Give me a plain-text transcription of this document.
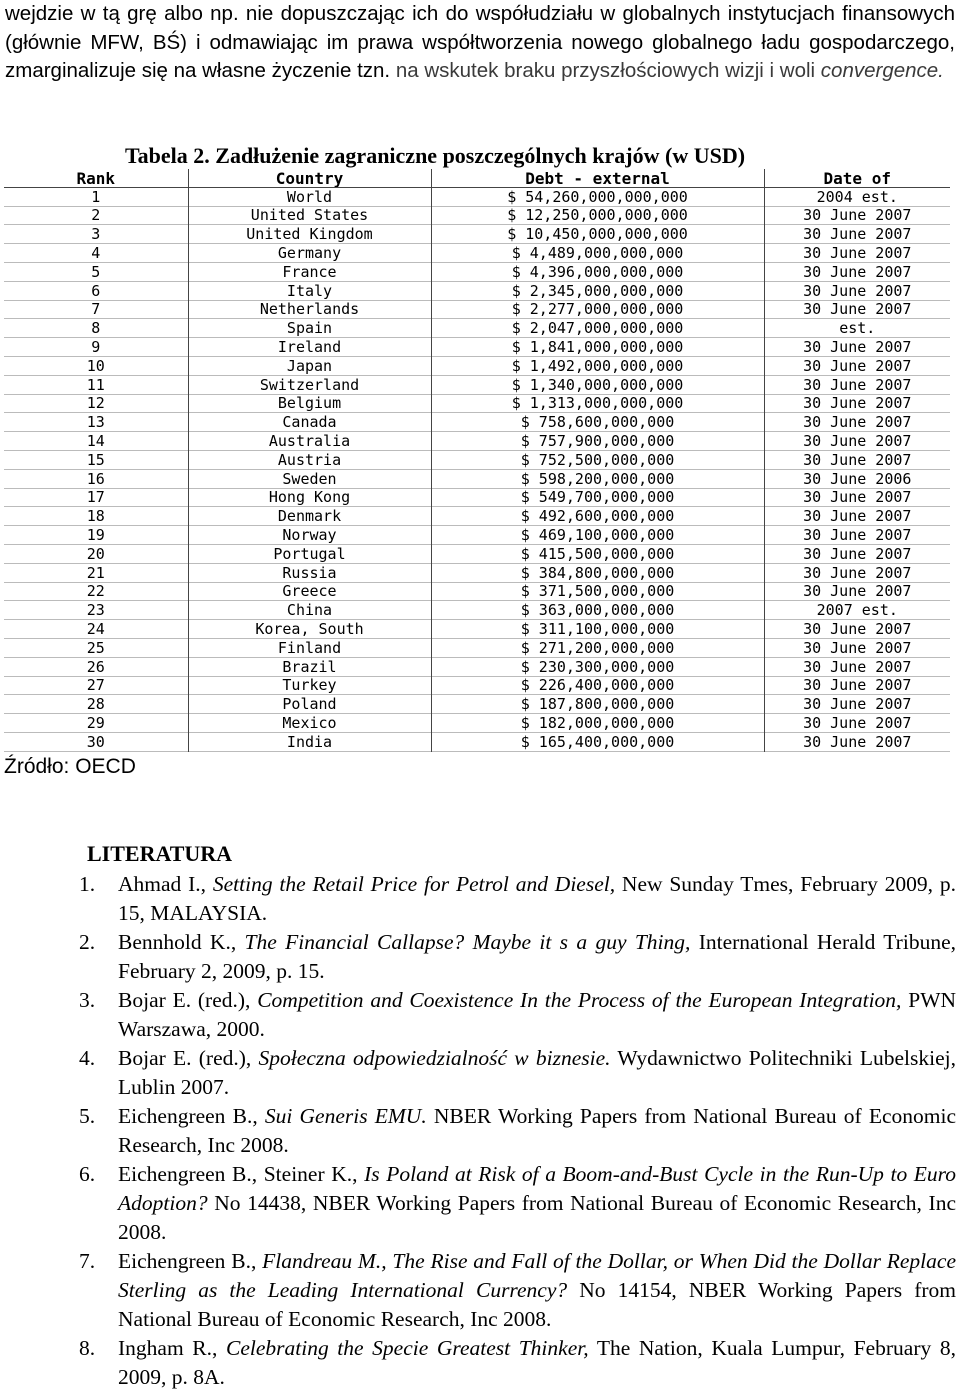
wejdzie w tą grę albo np. nie dopuszczając ich do współudziału w globalnych instytucjach finansowych (głównie MFW, BŚ) i odmawiając im prawa współtworzenia nowego globalnego ładu gospodarczego, zmarginalizuje się na własne życzenie tzn. na wskutek braku przyszłościowych wizji i woli convergence.

Tabela 2. Zadłużenie zagraniczne poszczególnych krajów (w USD)
Rank	Country	Debt - external	Date of
1	World	$ 54,260,000,000,000	2004 est.
2	United States	$ 12,250,000,000,000	30 June 2007
3	United Kingdom	$ 10,450,000,000,000	30 June 2007
4	Germany	$ 4,489,000,000,000	30 June 2007
5	France	$ 4,396,000,000,000	30 June 2007
6	Italy	$ 2,345,000,000,000	30 June 2007
7	Netherlands	$ 2,277,000,000,000	30 June 2007
8	Spain	$ 2,047,000,000,000	est.
9	Ireland	$ 1,841,000,000,000	30 June 2007
10	Japan	$ 1,492,000,000,000	30 June 2007
11	Switzerland	$ 1,340,000,000,000	30 June 2007
12	Belgium	$ 1,313,000,000,000	30 June 2007
13	Canada	$ 758,600,000,000	30 June 2007
14	Australia	$ 757,900,000,000	30 June 2007
15	Austria	$ 752,500,000,000	30 June 2007
16	Sweden	$ 598,200,000,000	30 June 2006
17	Hong Kong	$ 549,700,000,000	30 June 2007
18	Denmark	$ 492,600,000,000	30 June 2007
19	Norway	$ 469,100,000,000	30 June 2007
20	Portugal	$ 415,500,000,000	30 June 2007
21	Russia	$ 384,800,000,000	30 June 2007
22	Greece	$ 371,500,000,000	30 June 2007
23	China	$ 363,000,000,000	2007 est.
24	Korea, South	$ 311,100,000,000	30 June 2007
25	Finland	$ 271,200,000,000	30 June 2007
26	Brazil	$ 230,300,000,000	30 June 2007
27	Turkey	$ 226,400,000,000	30 June 2007
28	Poland	$ 187,800,000,000	30 June 2007
29	Mexico	$ 182,000,000,000	30 June 2007
30	India	$ 165,400,000,000	30 June 2007
Źródło: OECD
LITERATURA
1. Ahmad I., Setting the Retail Price for Petrol and Diesel, New Sunday Tmes, February 2009, p. 15, MALAYSIA.
2. Bennhold K., The Financial Callapse? Maybe it s a guy Thing, International Herald Tribune, February 2, 2009, p. 15.
3. Bojar E. (red.), Competition and Coexistence In the Process of the European Integration, PWN Warszawa, 2000.
4. Bojar E. (red.), Społeczna odpowiedzialność w biznesie. Wydawnictwo Politechniki Lubelskiej, Lublin 2007.
5. Eichengreen B., Sui Generis EMU. NBER Working Papers from National Bureau of Economic Research, Inc 2008.
6. Eichengreen B., Steiner K., Is Poland at Risk of a Boom-and-Bust Cycle in the Run-Up to Euro Adoption? No 14438, NBER Working Papers from National Bureau of Economic Research, Inc 2008.
7. Eichengreen B., Flandreau M., The Rise and Fall of the Dollar, or When Did the Dollar Replace Sterling as the Leading International Currency? No 14154, NBER Working Papers from National Bureau of Economic Research, Inc 2008.
8. Ingham R., Celebrating the Specie Greatest Thinker, The Nation, Kuala Lumpur, February 8, 2009, p. 8A.
